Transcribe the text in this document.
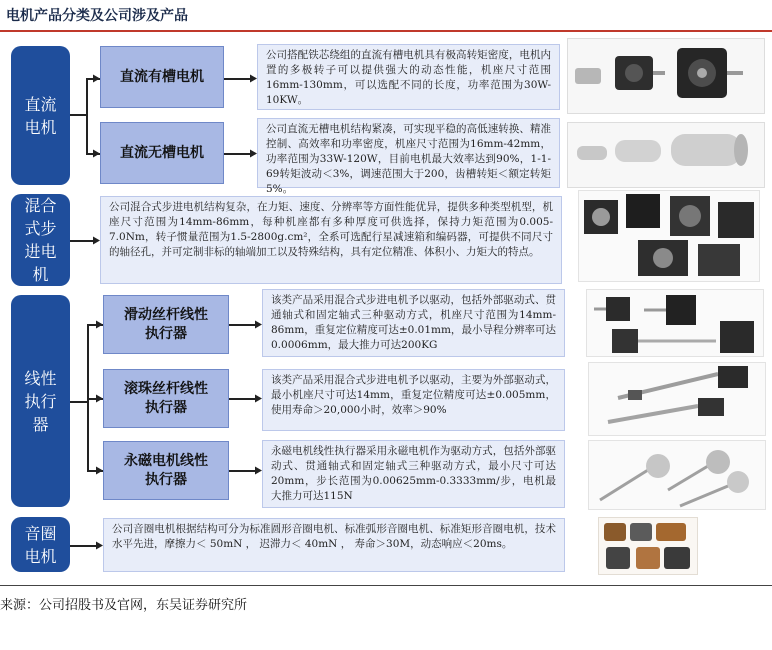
电机产品分类及公司涉及产品
直流
电机
混合
式步
进电
机
线性
执行
器
音圈
电机
直流有槽电机
直流无槽电机
滑动丝杆线性
执行器
滚珠丝杆线性
执行器
永磁电机线性
执行器
公司搭配铁芯绕组的直流有槽电机具有极高转矩密度，电机内置的多极转子可以提供强大的动态性能，机座尺寸范围16mm-130mm，可以选配不同的长度，功率范围为30W-10KW。
公司直流无槽电机结构紧凑，可实现平稳的高低速转换、精准控制、高效率和功率密度，机座尺寸范围为16mm-42mm，功率范围为33W-120W，目前电机最大效率达到90%，1-1-69转矩波动＜3%，调速范围大于200，齿槽转矩＜额定转矩5%。
公司混合式步进电机结构复杂，在力矩、速度、分辨率等方面性能优异，提供多种类型机型，机座尺寸范围为14mm-86mm，每种机座都有多种厚度可供选择，保持力矩范围为0.005-7.0Nm，转子惯量范围为1.5-2800g.cm²，全系可选配行星减速箱和编码器，可提供不同尺寸的轴径孔，并可定制非标的轴端加工以及特殊结构，具有定位精准、体积小、力矩大的特点。
该类产品采用混合式步进电机予以驱动，包括外部驱动式、贯通轴式和固定轴式三种驱动方式，机座尺寸范围为14mm-86mm，重复定位精度可达±0.01mm，最小导程分辨率可达0.0006mm，最大推力可达200KG
该类产品采用混合式步进电机予以驱动，主要为外部驱动式，最小机座尺寸可达14mm，重复定位精度可达±0.005mm，使用寿命＞20,000小时，效率＞90%
永磁电机线性执行器采用永磁电机作为驱动方式，包括外部驱动式、贯通轴式和固定轴式三种驱动方式，最小尺寸可达20mm，步长范围为0.00625mm-0.3333mm/步，电机最大推力可达115N
公司音圈电机根据结构可分为标准圆形音圈电机、标准弧形音圈电机、标准矩形音圈电机，技术水平先进，摩擦力＜ 50mN ， 迟滞力＜ 40mN ， 寿命＞30M，动态响应＜20ms。
来源：公司招股书及官网，东吴证券研究所
